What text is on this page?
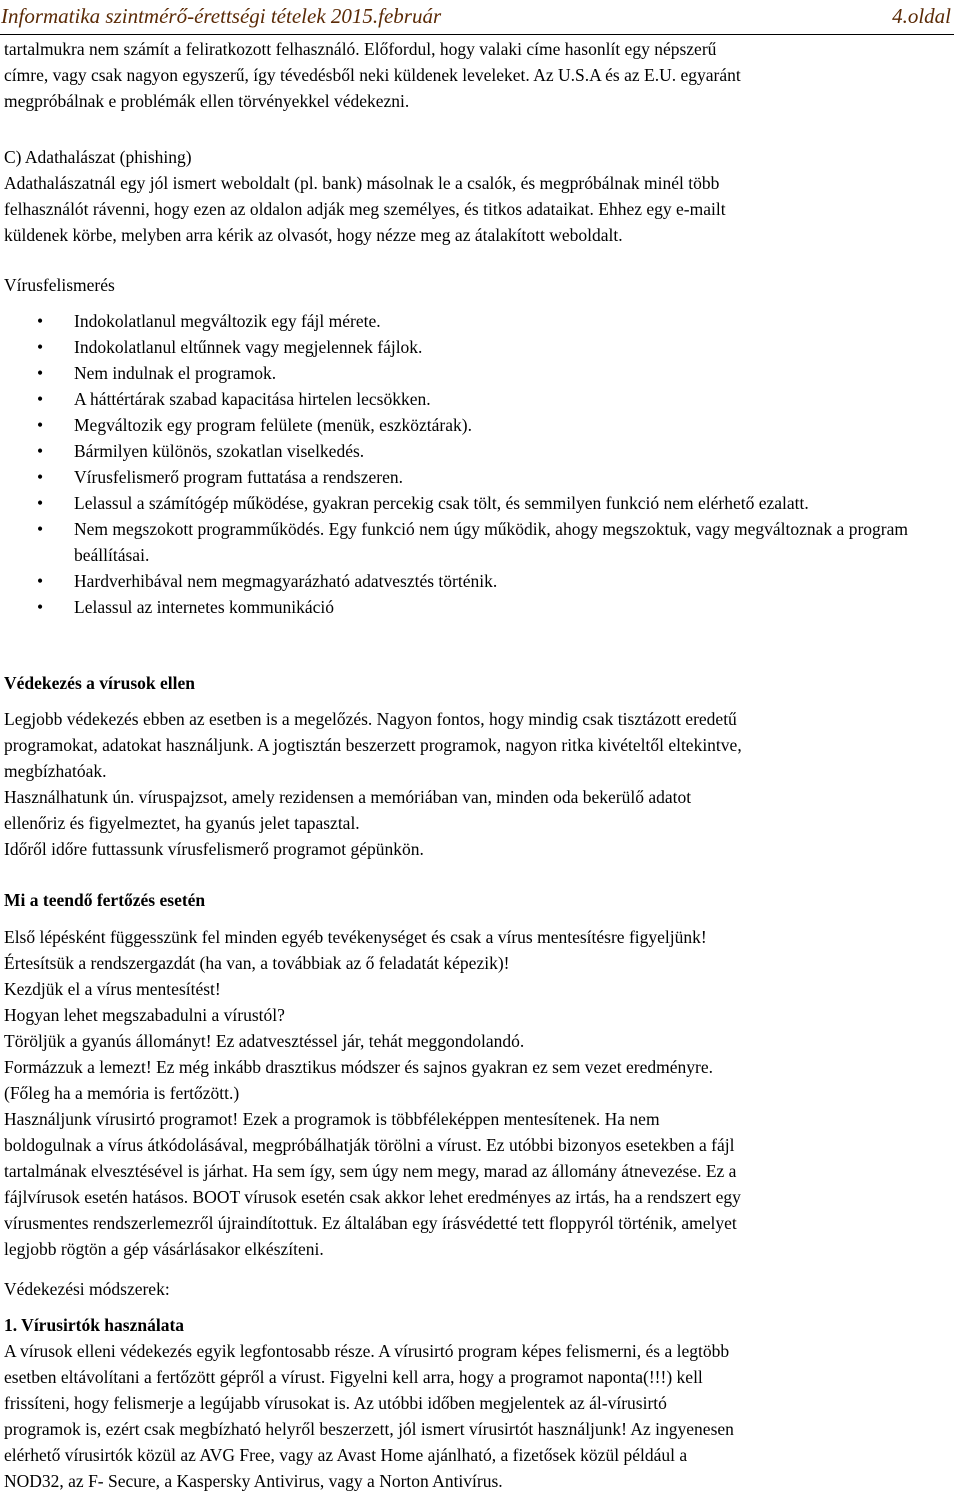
Informatika szintmérő-érettségi tételek 2015.február	4.oldal

tartalmukra nem számít a feliratkozott felhasználó. Előfordul, hogy valaki címe hasonlít egy népszerű

címre, vagy csak nagyon egyszerű, így tévedésből neki küldenek leveleket. Az U.S.A és az E.U. egyaránt

megpróbálnak e problémák ellen törvényekkel védekezni.

C) Adathalászat (phishing)

Adathalászatnál egy jól ismert weboldalt (pl. bank) másolnak le a csalók, és megpróbálnak minél több

felhasználót rávenni, hogy ezen az oldalon adják meg személyes, és titkos adataikat. Ehhez egy e-mailt

küldenek körbe, melyben arra kérik az olvasót, hogy nézze meg az átalakított weboldalt.

Vírusfelismerés

• Indokolatlanul megváltozik egy fájl mérete.
• Indokolatlanul eltűnnek vagy megjelennek fájlok.
• Nem indulnak el programok.
• A háttértárak szabad kapacitása hirtelen lecsökken.
• Megváltozik egy program felülete (menük, eszköztárak).
• Bármilyen különös, szokatlan viselkedés.
• Vírusfelismerő program futtatása a rendszeren.
• Lelassul a számítógép működése, gyakran percekig csak tölt, és semmilyen funkció nem elérhető ezalatt.
• Nem megszokott programműködés. Egy funkció nem úgy működik, ahogy megszoktuk, vagy megváltoznak a program beállításai.
• Hardverhibával nem megmagyarázható adatvesztés történik.
• Lelassul az internetes kommunikáció

Védekezés a vírusok ellen

Legjobb védekezés ebben az esetben is a megelőzés. Nagyon fontos, hogy mindig csak tisztázott eredetű

programokat, adatokat használjunk. A jogtisztán beszerzett programok, nagyon ritka kivételtől eltekintve,

megbízhatóak.

Használhatunk ún. víruspajzsot, amely rezidensen a memóriában van, minden oda bekerülő adatot

ellenőriz és figyelmeztet, ha gyanús jelet tapasztal.

Időről időre futtassunk vírusfelismerő programot gépünkön.

Mi a teendő fertőzés esetén

Első lépésként függesszünk fel minden egyéb tevékenységet és csak a vírus mentesítésre figyeljünk!

Értesítsük a rendszergazdát (ha van, a továbbiak az ő feladatát képezik)!

Kezdjük el a vírus mentesítést!

Hogyan lehet megszabadulni a vírustól?

Töröljük a gyanús állományt! Ez adatvesztéssel jár, tehát meggondolandó.

Formázzuk a lemezt! Ez még inkább drasztikus módszer és sajnos gyakran ez sem vezet eredményre.

(Főleg ha a memória is fertőzött.)

Használjunk vírusirtó programot! Ezek a programok is többféleképpen mentesítenek. Ha nem

boldogulnak a vírus átkódolásával, megpróbálhatják törölni a vírust. Ez utóbbi bizonyos esetekben a fájl

tartalmának elvesztésével is járhat. Ha sem így, sem úgy nem megy, marad az állomány átnevezése. Ez a

fájlvírusok esetén hatásos. BOOT vírusok esetén csak akkor lehet eredményes az irtás, ha a rendszert egy

vírusmentes rendszerlemezről újraindítottuk. Ez általában egy írásvédetté tett floppyról történik, amelyet

legjobb rögtön a gép vásárlásakor elkészíteni.

Védekezési módszerek:

1. Vírusirtók használata

A vírusok elleni védekezés egyik legfontosabb része. A vírusirtó program képes felismerni, és a legtöbb

esetben eltávolítani a fertőzött gépről a vírust. Figyelni kell arra, hogy a programot naponta(!!!) kell

frissíteni, hogy felismerje a legújabb vírusokat is. Az utóbbi időben megjelentek az ál-vírusirtó

programok is, ezért csak megbízható helyről beszerzett, jól ismert vírusirtót használjunk! Az ingyenesen

elérhető vírusirtók közül az AVG Free, vagy az Avast Home ajánlható, a fizetősek közül például a

NOD32, az F- Secure, a Kaspersky Antivirus, vagy a Norton Antivírus.
